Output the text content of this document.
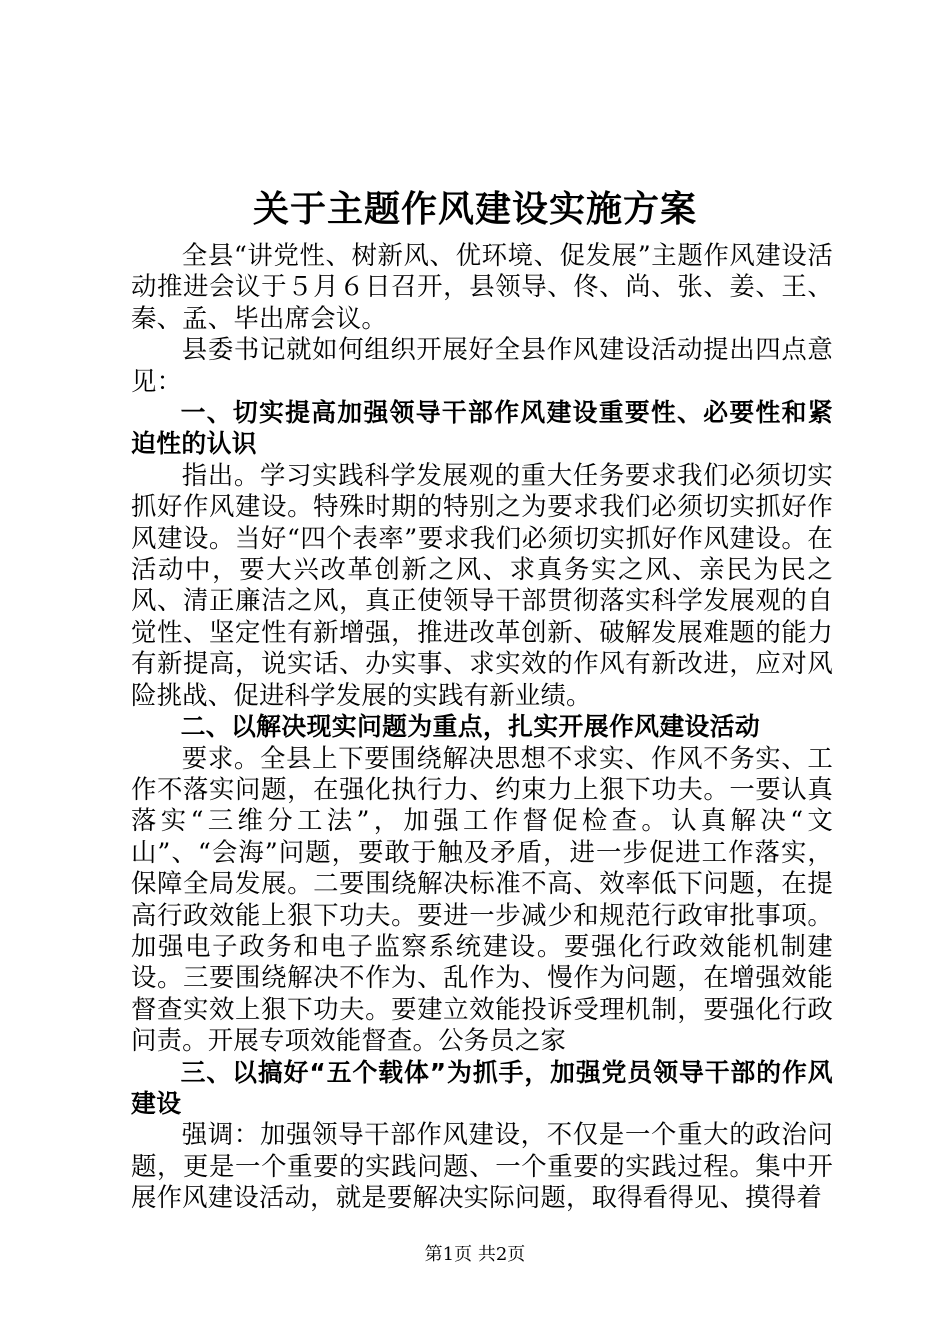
关于主题作风建设实施方案

全县“讲党性、树新风、优环境、促发展”主题作风建设活动推进会议于５月６日召开，县领导、佟、尚、张、姜、王、秦、孟、毕出席会议。

县委书记就如何组织开展好全县作风建设活动提出四点意见：

一、切实提高加强领导干部作风建设重要性、必要性和紧迫性的认识

指出。学习实践科学发展观的重大任务要求我们必须切实抓好作风建设。特殊时期的特别之为要求我们必须切实抓好作风建设。当好“四个表率”要求我们必须切实抓好作风建设。在活动中，要大兴改革创新之风、求真务实之风、亲民为民之风、清正廉洁之风，真正使领导干部贯彻落实科学发展观的自觉性、坚定性有新增强，推进改革创新、破解发展难题的能力有新提高，说实话、办实事、求实效的作风有新改进，应对风险挑战、促进科学发展的实践有新业绩。

二、以解决现实问题为重点，扎实开展作风建设活动

要求。全县上下要围绕解决思想不求实、作风不务实、工作不落实问题，在强化执行力、约束力上狠下功夫。一要认真落实“三维分工法”，加强工作督促检查。认真解决“文山”、“会海”问题，要敢于触及矛盾，进一步促进工作落实，保障全局发展。二要围绕解决标准不高、效率低下问题，在提高行政效能上狠下功夫。要进一步减少和规范行政审批事项。加强电子政务和电子监察系统建设。要强化行政效能机制建设。三要围绕解决不作为、乱作为、慢作为问题，在增强效能督查实效上狠下功夫。要建立效能投诉受理机制，要强化行政问责。开展专项效能督查。公务员之家

三、以搞好“五个载体”为抓手，加强党员领导干部的作风建设

强调：加强领导干部作风建设，不仅是一个重大的政治问题，更是一个重要的实践问题、一个重要的实践过程。集中开展作风建设活动，就是要解决实际问题，取得看得见、摸得着

第1页 共2页
